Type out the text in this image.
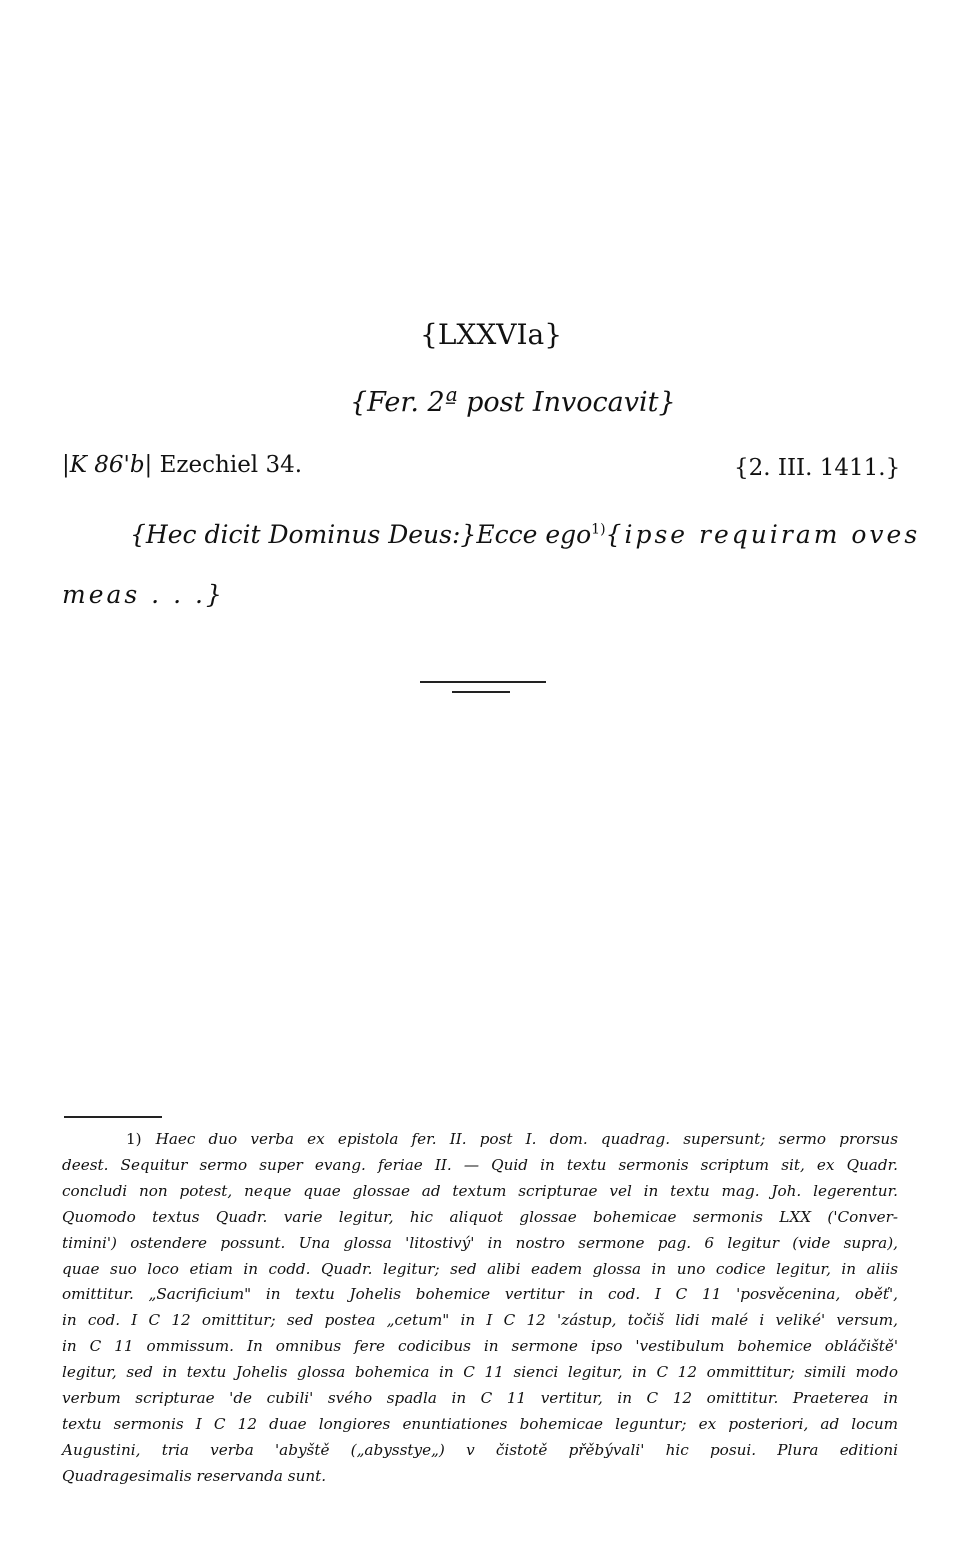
{LXXVIa}
{Fer. 2ª post Invocavit}
|K 86'b| Ezechiel 34.	{2. III. 1411.}
{Hec dicit Dominus Deus:} Ecce ego$^{1)}$ {ipse requiram oves
meas . . .}
1) Haec duo verba ex epistola fer. II. post I. dom. quadrag. supersunt; sermo prorsus
deest. Sequitur sermo super evang. feriae II. — Quid in textu sermonis scriptum sit, ex Quadr.
concludi non potest, neque quae glossae ad textum scripturae vel in textu mag. Joh. legerentur.
Quomodo textus Quadr. varie legitur, hic aliquot glossae bohemicae sermonis LXX ('Conver-
timini') ostendere possunt. Una glossa 'litostivý' in nostro sermone pag. 6 legitur (vide supra),
quae suo loco etiam in codd. Quadr. legitur; sed alibi eadem glossa in uno codice legitur, in aliis
omittitur. „Sacrificium" in textu Johelis bohemice vertitur in cod. I C 11 'posvěcenina, oběť',
in cod. I C 12 omittitur; sed postea „cetum" in I C 12 'zástup, točiš lidi malé i veliké' versum,
in C 11 ommissum. In omnibus fere codicibus in sermone ipso 'vestibulum bohemice obláčiště'
legitur, sed in textu Johelis glossa bohemica in C 11 sienci legitur, in C 12 ommittitur; simili modo
verbum scripturae 'de cubili' svého spadla in C 11 vertitur, in C 12 omittitur. Praeterea in
textu sermonis I C 12 duae longiores enuntiationes bohemicae leguntur; ex posteriori, ad locum
Augustini, tria verba 'abyště („abysstye„) v čistotě přěbývali' hic posui. Plura editioni
Quadragesimalis reservanda sunt.
